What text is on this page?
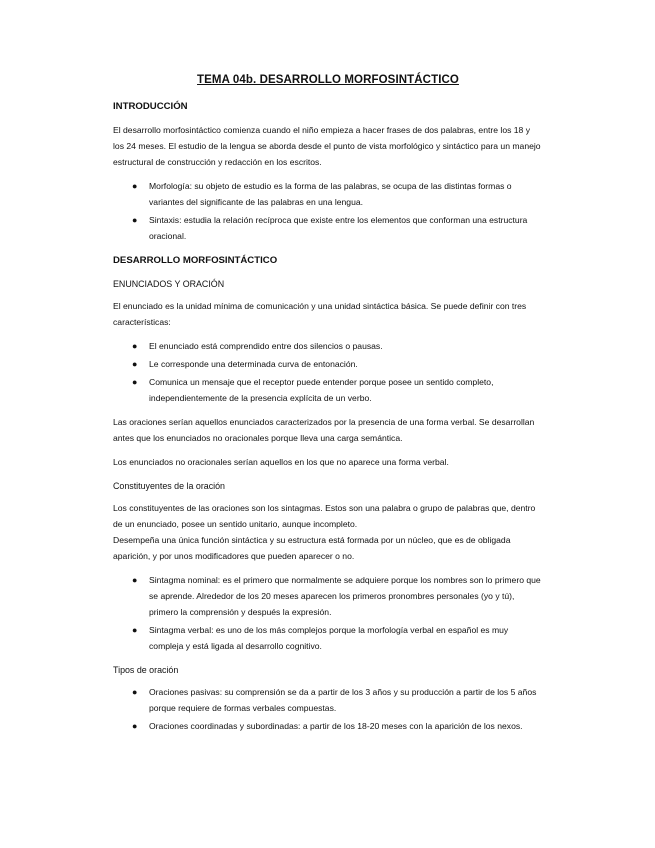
TEMA 04b. DESARROLLO MORFOSINTÁCTICO
INTRODUCCIÓN

El desarrollo morfosintáctico comienza cuando el niño empieza a hacer frases de dos palabras, entre los 18 y los 24 meses. El estudio de la lengua se aborda desde el punto de vista morfológico y sintáctico para un manejo estructural de construcción y redacción en los escritos.

● Morfología: su objeto de estudio es la forma de las palabras, se ocupa de las distintas formas o variantes del significante de las palabras en una lengua.
● Sintaxis: estudia la relación recíproca que existe entre los elementos que conforman una estructura oracional.
DESARROLLO MORFOSINTÁCTICO
ENUNCIADOS Y ORACIÓN

El enunciado es la unidad mínima de comunicación y una unidad sintáctica básica. Se puede definir con tres características:

● El enunciado está comprendido entre dos silencios o pausas.
● Le corresponde una determinada curva de entonación.
● Comunica un mensaje que el receptor puede entender porque posee un sentido completo, independientemente de la presencia explícita de un verbo.

Las oraciones serían aquellos enunciados caracterizados por la presencia de una forma verbal. Se desarrollan antes que los enunciados no oracionales porque lleva una carga semántica.

Los enunciados no oracionales serían aquellos en los que no aparece una forma verbal.

Constituyentes de la oración

Los constituyentes de las oraciones son los sintagmas. Estos son una palabra o grupo de palabras que, dentro de un enunciado, posee un sentido unitario, aunque incompleto.
Desempeña una única función sintáctica y su estructura está formada por un núcleo, que es de obligada aparición, y por unos modificadores que pueden aparecer o no.

● Sintagma nominal: es el primero que normalmente se adquiere porque los nombres son lo primero que se aprende. Alrededor de los 20 meses aparecen los primeros pronombres personales (yo y tú), primero la comprensión y después la expresión.
● Sintagma verbal: es uno de los más complejos porque la morfología verbal en español es muy compleja y está ligada al desarrollo cognitivo.
Tipos de oración
● Oraciones pasivas: su comprensión se da a partir de los 3 años y su producción a partir de los 5 años porque requiere de formas verbales compuestas.
● Oraciones coordinadas y subordinadas: a partir de los 18-20 meses con la aparición de los nexos.
